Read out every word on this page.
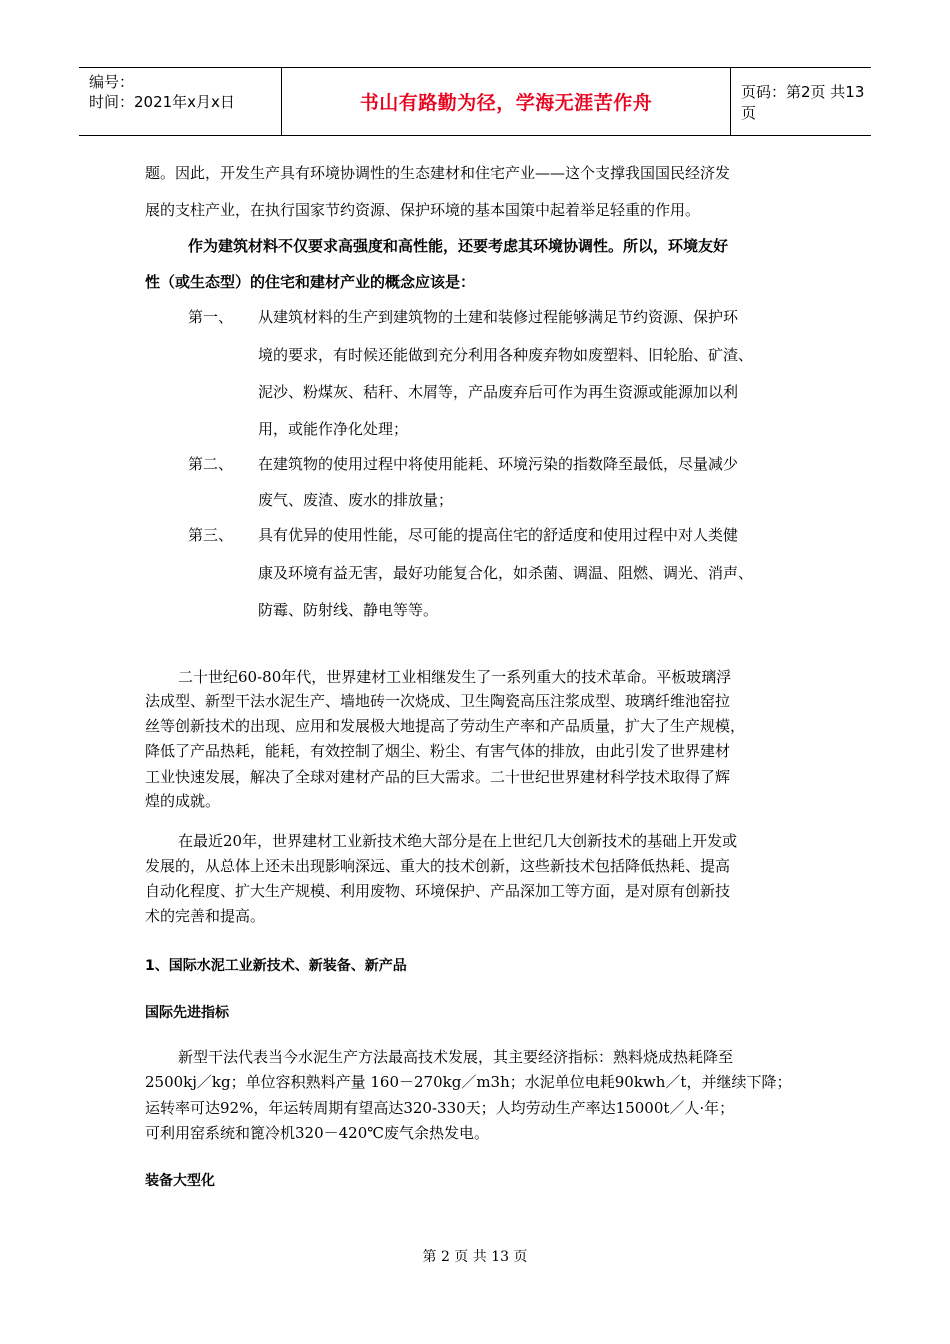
编号：
时间：2021年x月x日	书山有路勤为径，学海无涯苦作舟
页码：第2页 共13页
题。因此，开发生产具有环境协调性的生态建材和住宅产业——这个支撑我国国民经济发
展的支柱产业，在执行国家节约资源、保护环境的基本国策中起着举足轻重的作用。
作为建筑材料不仅要求高强度和高性能，还要考虑其环境协调性。所以，环境友好
性（或生态型）的住宅和建材产业的概念应该是：
第一、 从建筑材料的生产到建筑物的土建和装修过程能够满足节约资源、保护环
境的要求，有时候还能做到充分利用各种废弃物如废塑料、旧轮胎、矿渣、
泥沙、粉煤灰、秸秆、木屑等，产品废弃后可作为再生资源或能源加以利
用，或能作净化处理；
第二、 在建筑物的使用过程中将使用能耗、环境污染的指数降至最低，尽量减少
废气、废渣、废水的排放量；
第三、 具有优异的使用性能，尽可能的提高住宅的舒适度和使用过程中对人类健
康及环境有益无害，最好功能复合化，如杀菌、调温、阻燃、调光、消声、
防霉、防射线、静电等等。
二十世纪60-80年代，世界建材工业相继发生了一系列重大的技术革命。平板玻璃浮
法成型、新型干法水泥生产、墙地砖一次烧成、卫生陶瓷高压注浆成型、玻璃纤维池窑拉
丝等创新技术的出现、应用和发展极大地提高了劳动生产率和产品质量，扩大了生产规模，
降低了产品热耗，能耗，有效控制了烟尘、粉尘、有害气体的排放，由此引发了世界建材
工业快速发展，解决了全球对建材产品的巨大需求。二十世纪世界建材科学技术取得了辉
煌的成就。
在最近20年，世界建材工业新技术绝大部分是在上世纪几大创新技术的基础上开发或
发展的，从总体上还未出现影响深远、重大的技术创新，这些新技术包括降低热耗、提高
自动化程度、扩大生产规模、利用废物、环境保护、产品深加工等方面，是对原有创新技
术的完善和提高。
1、国际水泥工业新技术、新装备、新产品
国际先进指标
新型干法代表当今水泥生产方法最高技术发展，其主要经济指标：熟料烧成热耗降至
2500kj／kg；单位容积熟料产量 160－270kg／m3h；水泥单位电耗90kwh／t，并继续下降；
运转率可达92%，年运转周期有望高达320-330天；人均劳动生产率达15000t／人·年；
可利用窑系统和篦冷机320－420℃废气余热发电。
装备大型化
第 2 页 共 13 页
